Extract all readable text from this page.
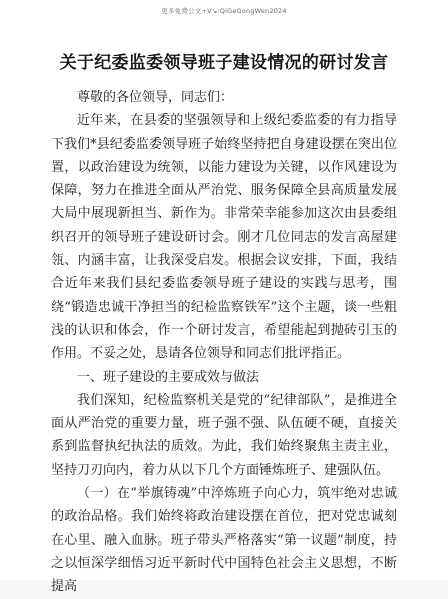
更多免费公文+V↘:QiGeGongWen2024
关于纪委监委领导班子建设情况的研讨发言

尊敬的各位领导，同志们：

近年来，在县委的坚强领导和上级纪委监委的有力指导下我们*县纪委监委领导班子始终坚持把自身建设摆在突出位置，以政治建设为统领，以能力建设为关键，以作风建设为保障，努力在推进全面从严治党、服务保障全县高质量发展大局中展现新担当、新作为。非常荣幸能参加这次由县委组织召开的领导班子建设研讨会。刚才几位同志的发言高屋建瓴、内涵丰富，让我深受启发。根据会议安排，下面，我结合近年来我们县纪委监委领导班子建设的实践与思考，围绕“锻造忠诚干净担当的纪检监察铁军”这个主题，谈一些粗浅的认识和体会，作一个研讨发言，希望能起到抛砖引玉的作用。不妥之处，恳请各位领导和同志们批评指正。

一、班子建设的主要成效与做法

我们深知，纪检监察机关是党的“纪律部队”，是推进全面从严治党的重要力量，班子强不强、队伍硬不硬，直接关系到监督执纪执法的质效。为此，我们始终聚焦主责主业，坚持刀刃向内，着力从以下几个方面锤炼班子、建强队伍。

（一）在“举旗铸魂”中淬炼班子向心力，筑牢绝对忠诚的政治品格。我们始终将政治建设摆在首位，把对党忠诚刻在心里、融入血脉。班子带头严格落实“第一议题”制度，持之以恒深学细悟习近平新时代中国特色社会主义思想，不断提高
